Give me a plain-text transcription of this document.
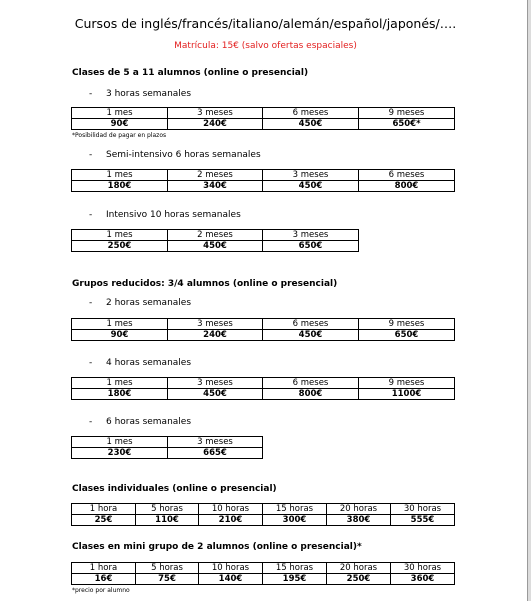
Cursos de inglés/francés/italiano/alemán/español/japonés/….
Matrícula: 15€ (salvo ofertas espaciales)
Clases de 5 a 11 alumnos (online o presencial)
- 3 horas semanales
1 mes	3 meses	6 meses	9 meses
90€	240€	450€	650€*
*Posibilidad de pagar en plazos
- Semi-intensivo 6 horas semanales
1 mes	2 meses	3 meses	6 meses
180€	340€	450€	800€
- Intensivo 10 horas semanales
1 mes	2 meses	3 meses
250€	450€	650€
Grupos reducidos: 3/4 alumnos (online o presencial)
- 2 horas semanales
1 mes	3 meses	6 meses	9 meses
90€	240€	450€	650€
- 4 horas semanales
1 mes	3 meses	6 meses	9 meses
180€	450€	800€	1100€
- 6 horas semanales
1 mes	3 meses
230€	665€
Clases individuales (online o presencial)
1 hora	5 horas	10 horas	15 horas	20 horas	30 horas
25€	110€	210€	300€	380€	555€
Clases en mini grupo de 2 alumnos (online o presencial)*
1 hora	5 horas	10 horas	15 horas	20 horas	30 horas
16€	75€	140€	195€	250€	360€
*precio por alumno
